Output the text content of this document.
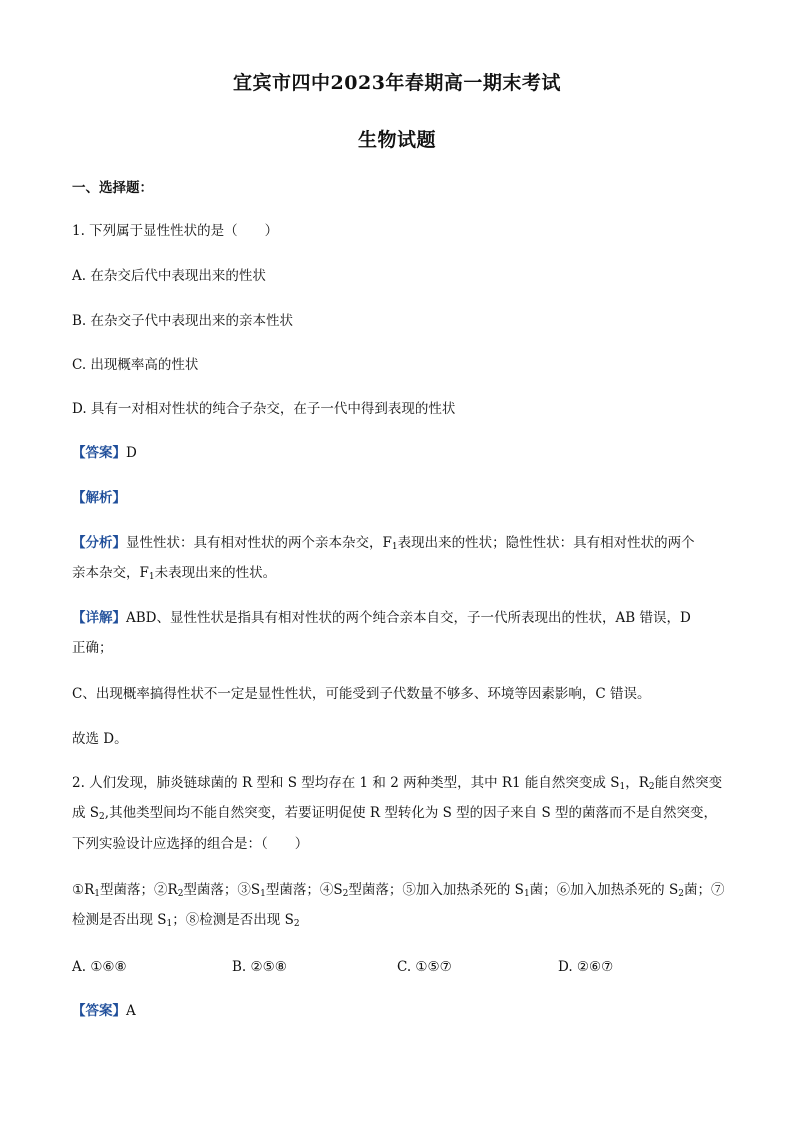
宜宾市四中2023年春期高一期末考试
生物试题
一、选择题：
1. 下列属于显性性状的是（　　）
A. 在杂交后代中表现出来的性状
B. 在杂交子代中表现出来的亲本性状
C. 出现概率高的性状
D. 具有一对相对性状的纯合子杂交，在子一代中得到表现的性状
【答案】D
【解析】
【分析】显性性状：具有相对性状的两个亲本杂交，$F_1$表现出来的性状；隐性性状：具有相对性状的两个
亲本杂交，$F_1$未表现出来的性状。
【详解】ABD、显性性状是指具有相对性状的两个纯合亲本自交，子一代所表现出的性状，AB 错误，D
正确；
C、出现概率搞得性状不一定是显性性状，可能受到子代数量不够多、环境等因素影响，C 错误。
故选 D。
2. 人们发现，肺炎链球菌的 R 型和 S 型均存在 1 和 2 两种类型，其中 R1 能自然突变成 $S_1$，$R_2$能自然突变
成 $S_2$,其他类型间均不能自然突变，若要证明促使 R 型转化为 S 型的因子来自 S 型的菌落而不是自然突变，
下列实验设计应选择的组合是：（　　）
$①R_1$型菌落；$②R_2$型菌落；$③S_1$型菌落；$④S_2$型菌落；⑤加入加热杀死的 $S_1$菌；⑥加入加热杀死的 $S_2$菌；⑦
检测是否出现 $S_1$；⑧检测是否出现 $S_2$
A. ①⑥⑧	B. ②⑤⑧	C. ①⑤⑦	D. ②⑥⑦
【答案】A
